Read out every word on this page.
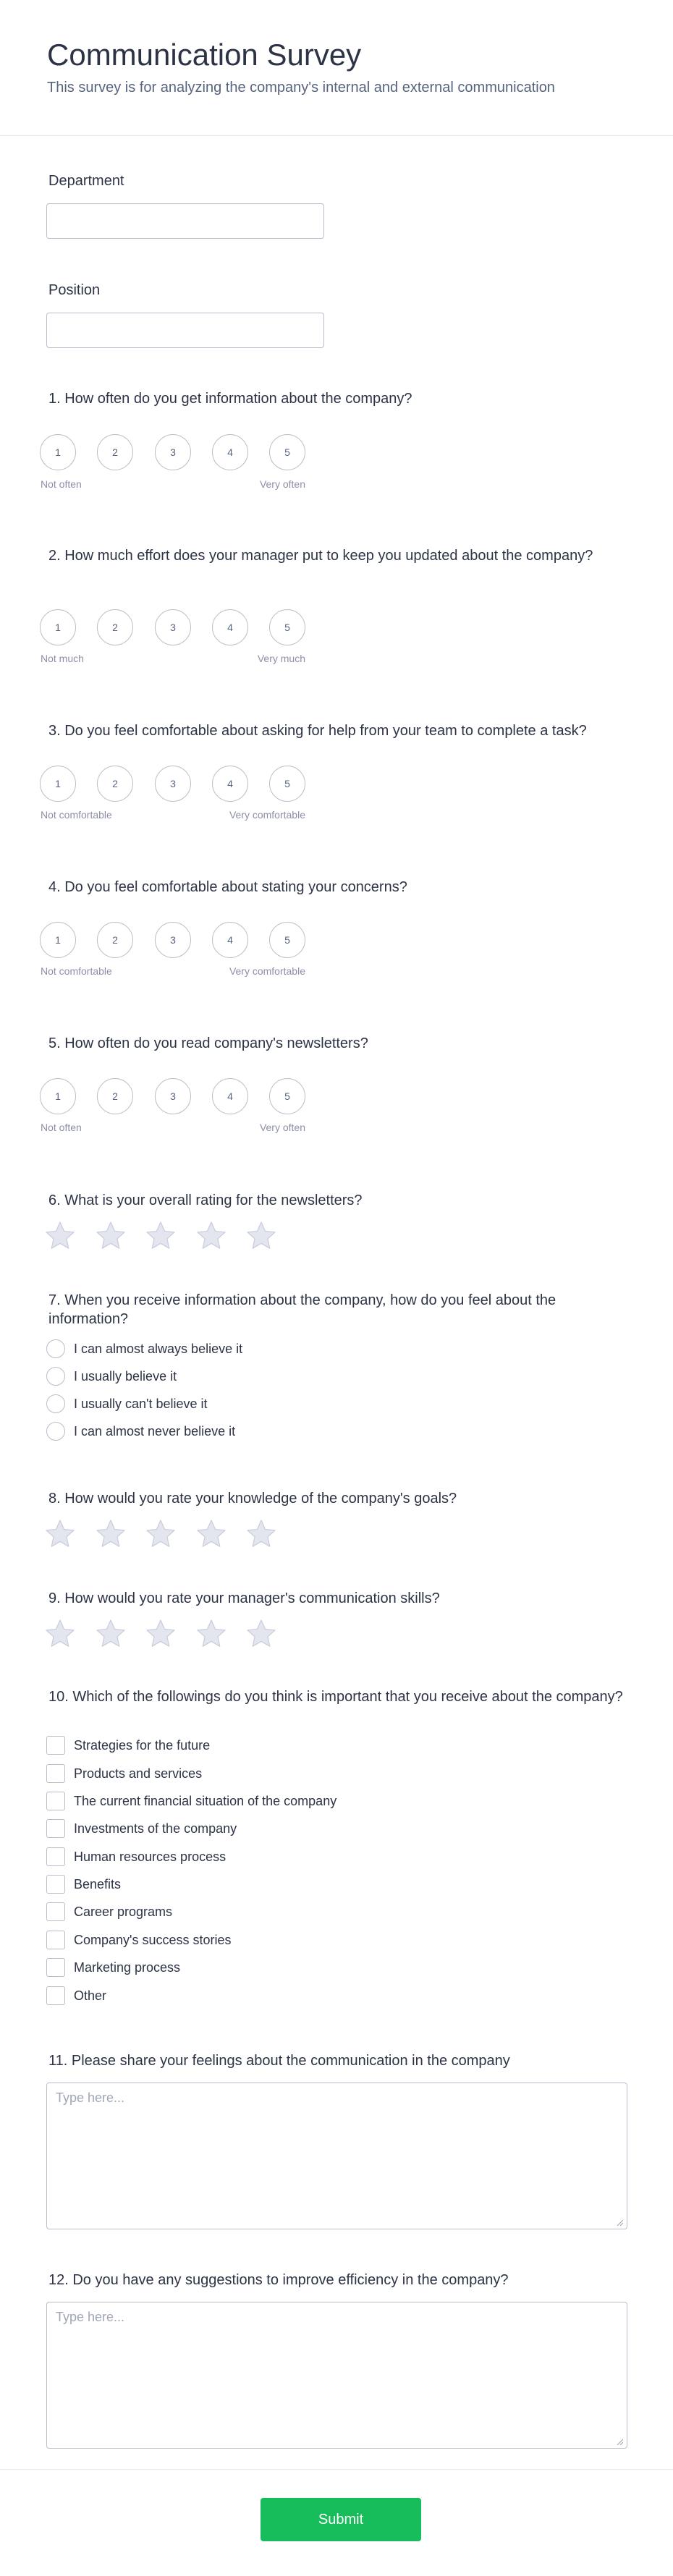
Communication Survey
This survey is for analyzing the company's internal and external communication
Department
Position
1. How often do you get information about the company?
1	2	3	4	5
Not often	Very often
2. How much effort does your manager put to keep you updated about the company?
1	2	3	4	5
Not much	Very much
3. Do you feel comfortable about asking for help from your team to complete a task?
1	2	3	4	5
Not comfortable	Very comfortable
4. Do you feel comfortable about stating your concerns?
1	2	3	4	5
Not comfortable	Very comfortable
5. How often do you read company's newsletters?
1	2	3	4	5
Not often	Very often
6. What is your overall rating for the newsletters?
8. How would you rate your knowledge of the company's goals?
9. How would you rate your manager's communication skills?
7. When you receive information about the company, how do you feel about the information?
I can almost always believe it
I usually believe it
I usually can't believe it
I can almost never believe it
10. Which of the followings do you think is important that you receive about the company?
Strategies for the future
Products and services
The current financial situation of the company
Investments of the company
Human resources process
Benefits
Career programs
Company's success stories
Marketing process
Other
11. Please share your feelings about the communication in the company
Type here...
12. Do you have any suggestions to improve efficiency in the company?
Type here...
Submit
